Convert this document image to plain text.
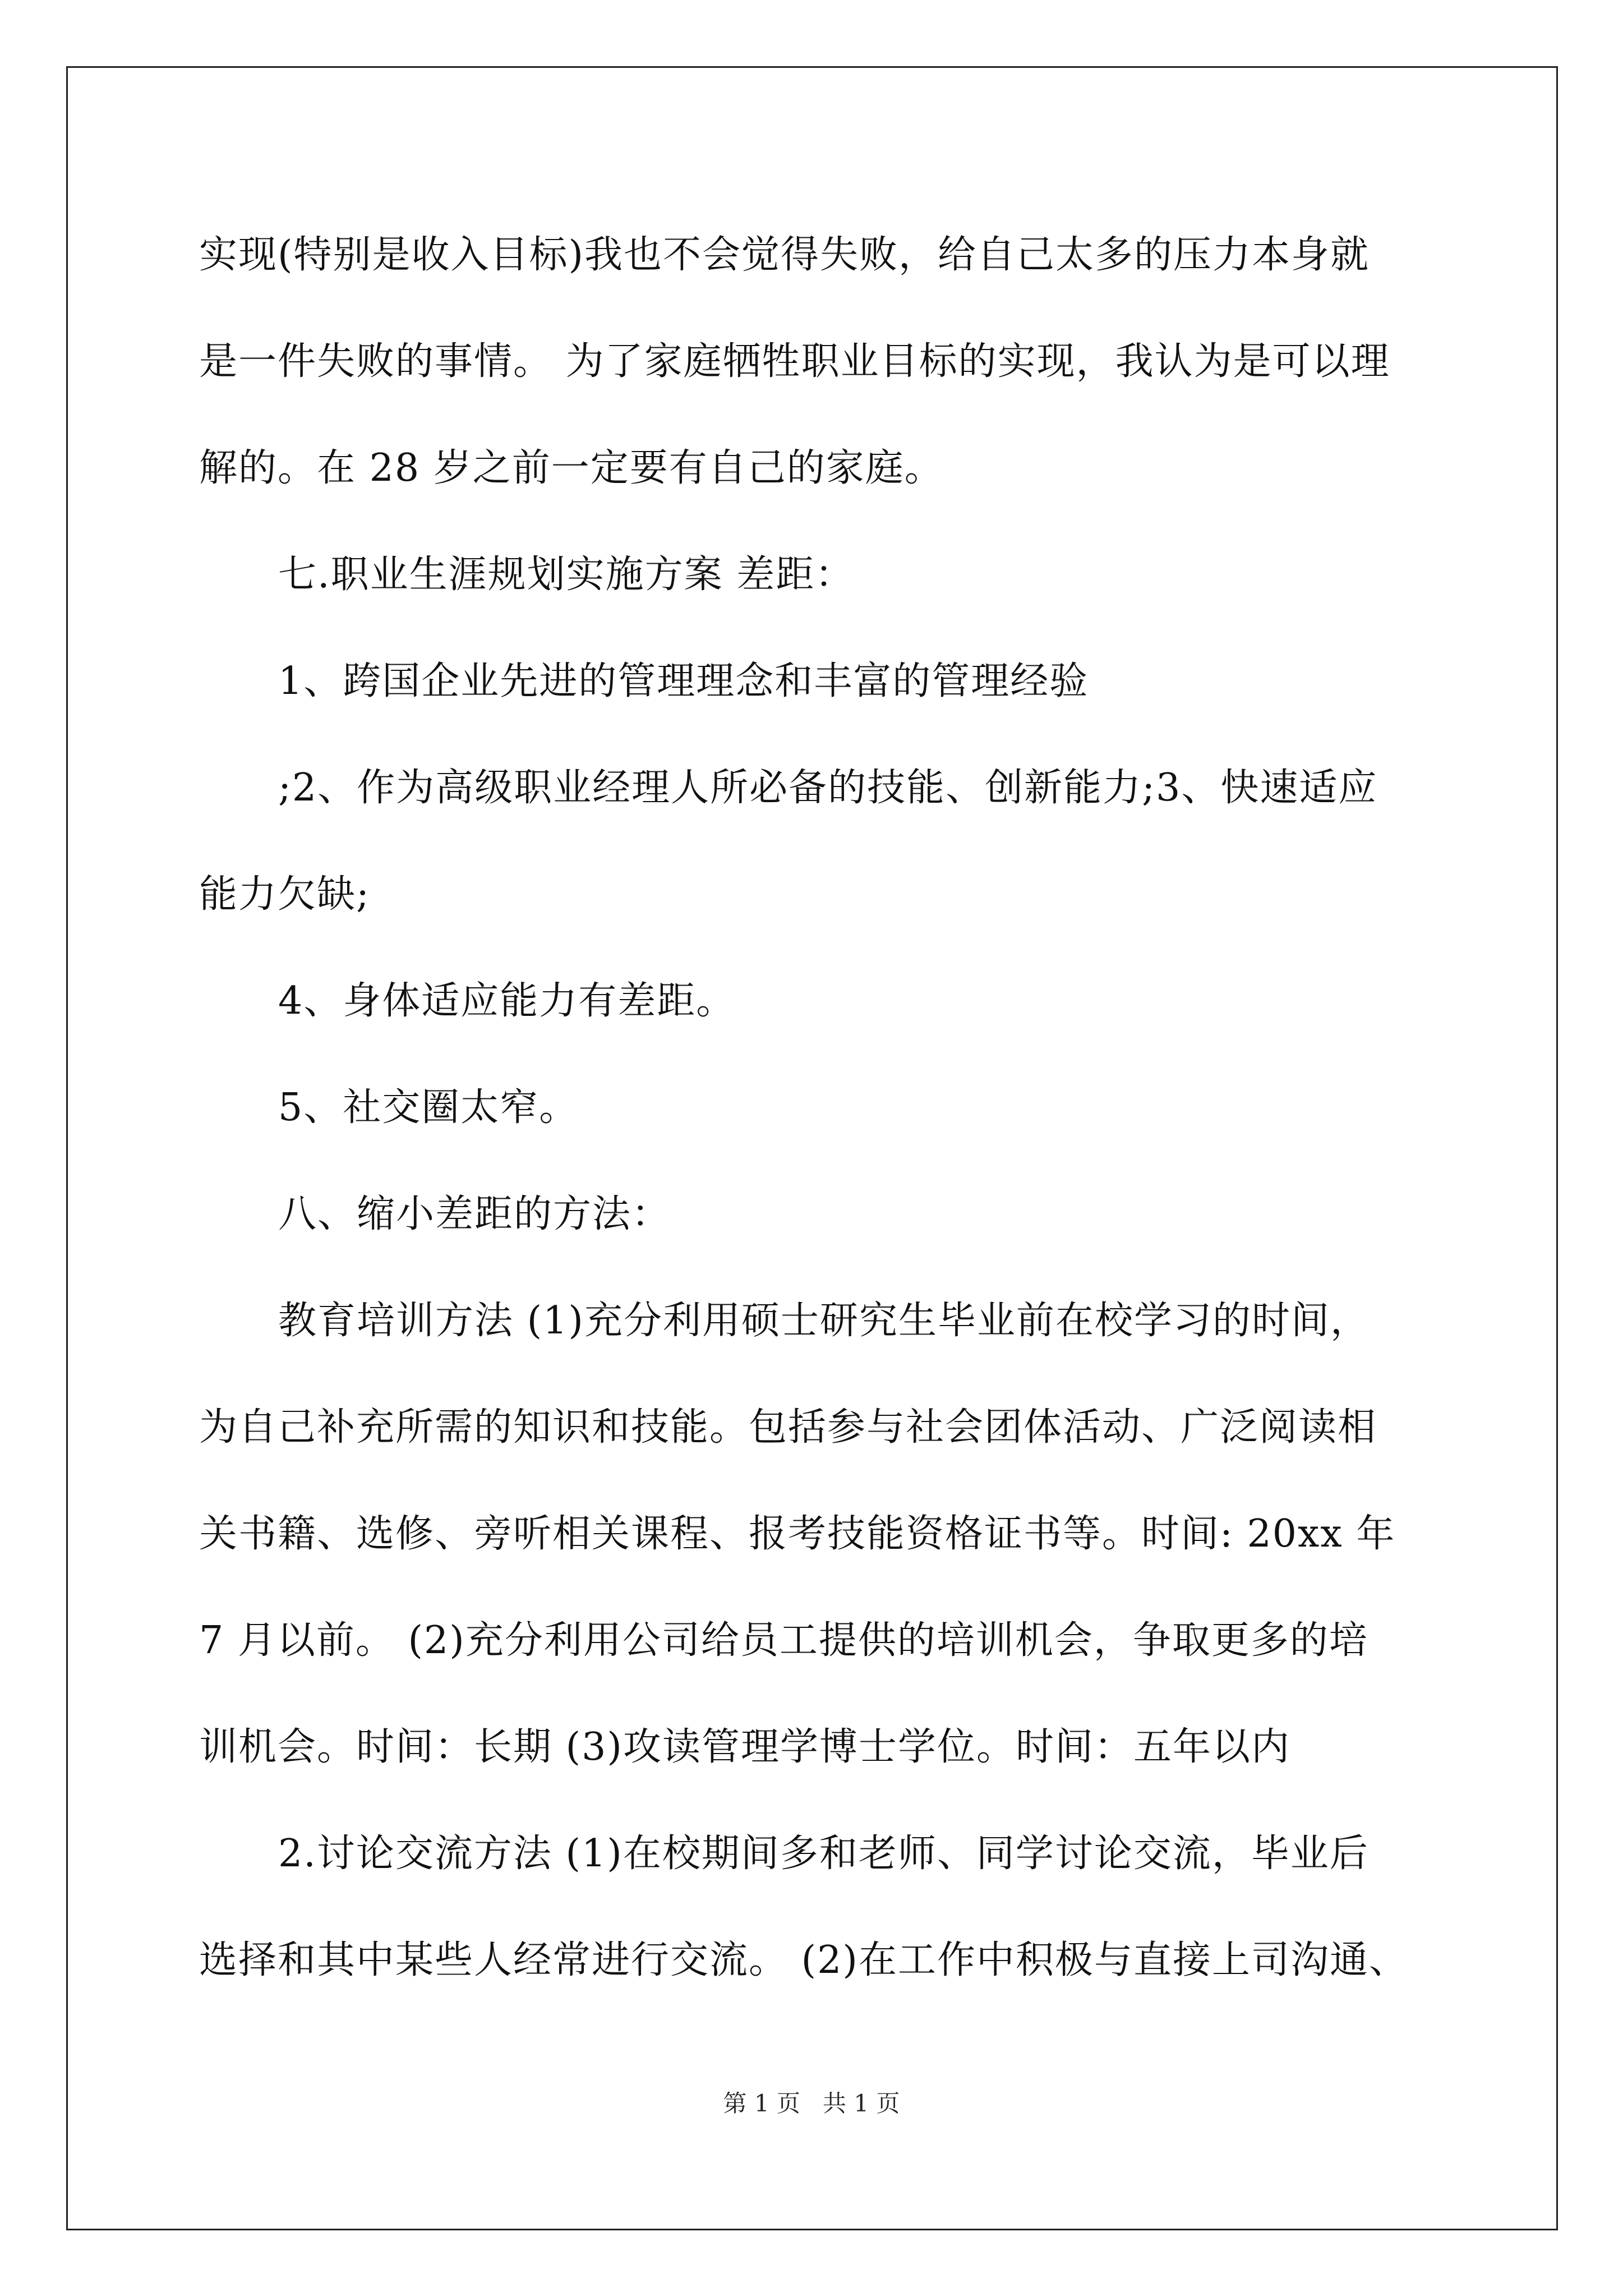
实现(特别是收入目标)我也不会觉得失败，给自己太多的压力本身就
是一件失败的事情。 为了家庭牺牲职业目标的实现，我认为是可以理
解的。在 28 岁之前一定要有自己的家庭。
七.职业生涯规划实施方案 差距：
1、跨国企业先进的管理理念和丰富的管理经验
;2、作为高级职业经理人所必备的技能、创新能力;3、快速适应
能力欠缺;
4、身体适应能力有差距。
5、社交圈太窄。
八、缩小差距的方法：
教育培训方法 (1)充分利用硕士研究生毕业前在校学习的时间，
为自己补充所需的知识和技能。包括参与社会团体活动、广泛阅读相
关书籍、选修、旁听相关课程、报考技能资格证书等。时间: 20xx 年
7 月以前。 (2)充分利用公司给员工提供的培训机会，争取更多的培
训机会。时间：长期 (3)攻读管理学博士学位。时间：五年以内
2.讨论交流方法 (1)在校期间多和老师、同学讨论交流，毕业后
选择和其中某些人经常进行交流。 (2)在工作中积极与直接上司沟通、
第 1 页   共 1 页
